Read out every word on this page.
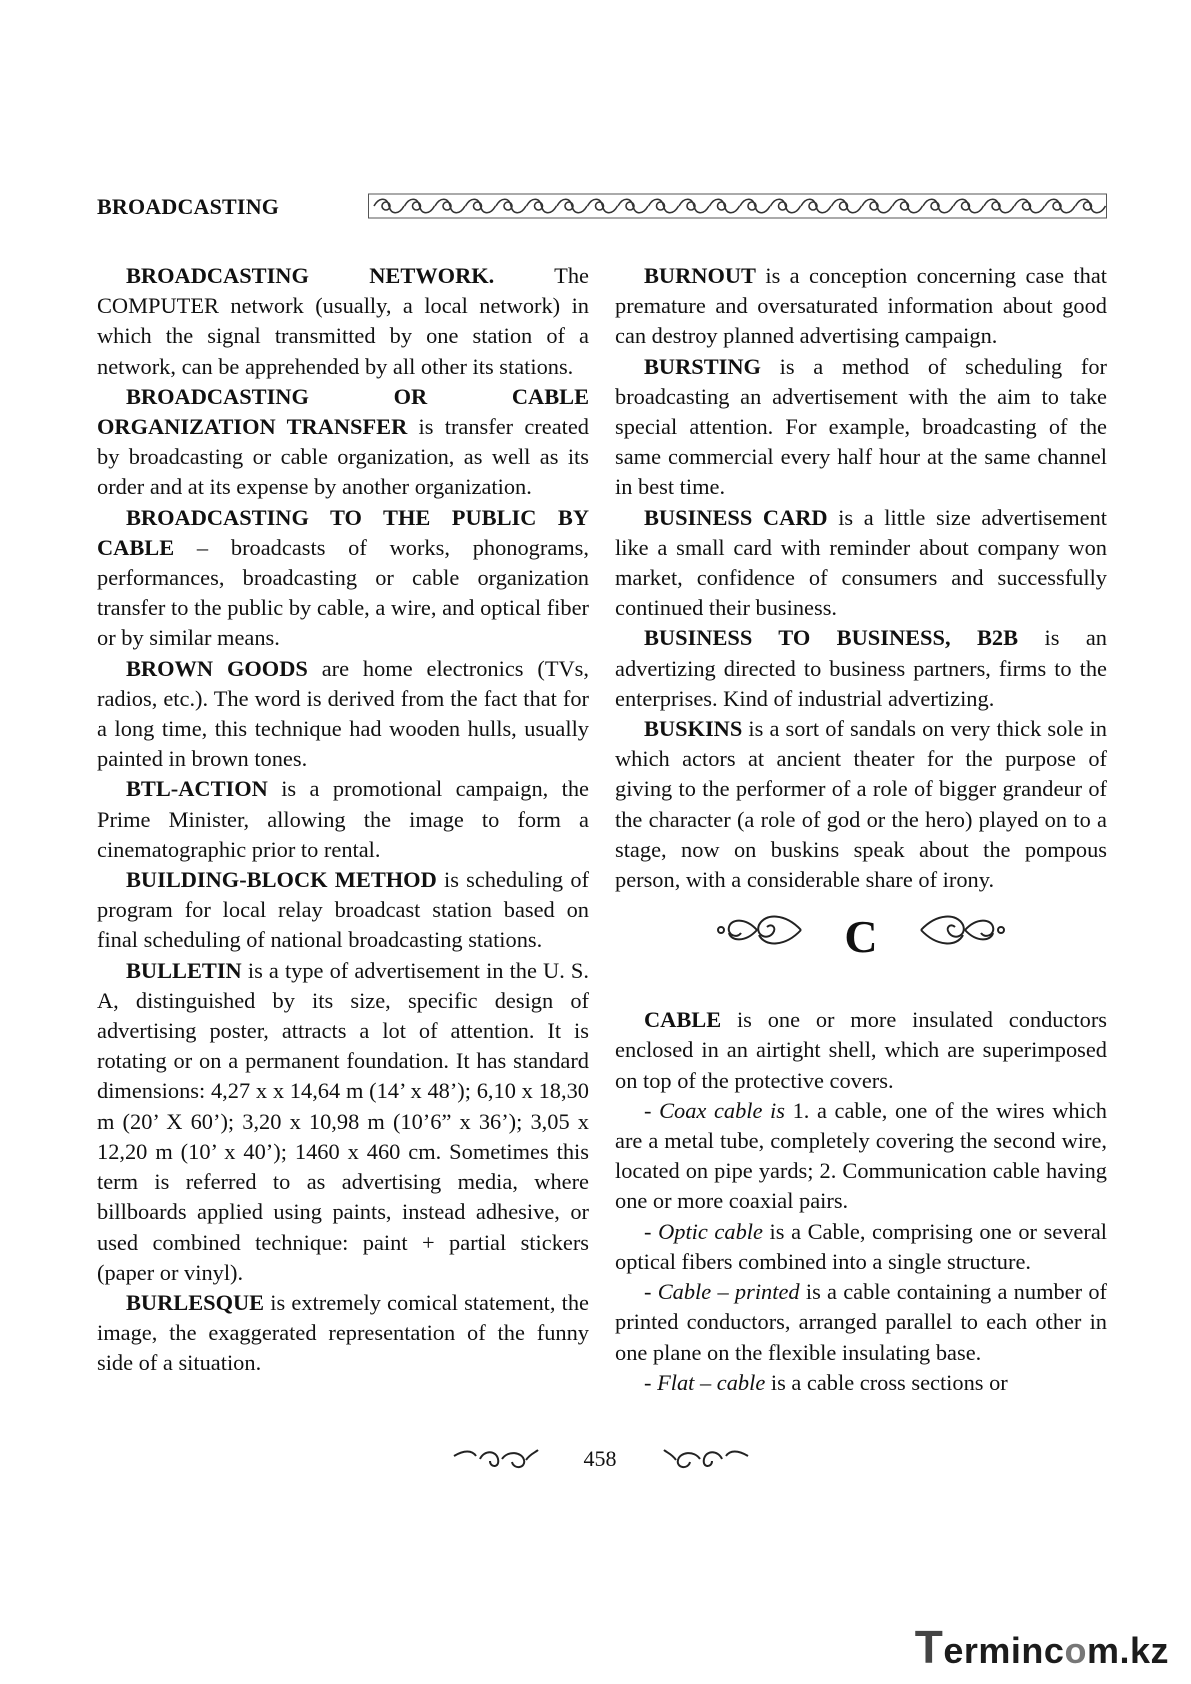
BROADCASTING

BROADCASTING NETWORK. The COMPUTER network (usually, a local network) in which the signal transmitted by one station of a network, can be apprehended by all other its stations.

BROADCASTING OR CABLE ORGANIZATION TRANSFER is transfer created by broadcasting or cable organization, as well as its order and at its expense by another organization.

BROADCASTING TO THE PUBLIC BY CABLE – broadcasts of works, phonograms, performances, broadcasting or cable organization transfer to the public by cable, a wire, and optical fiber or by similar means.

BROWN GOODS are home electronics (TVs, radios, etc.). The word is derived from the fact that for a long time, this technique had wooden hulls, usually painted in brown tones.

BTL-ACTION is a promotional campaign, the Prime Minister, allowing the image to form a cinematographic prior to rental.

BUILDING-BLOCK METHOD is scheduling of program for local relay broadcast station based on final scheduling of national broadcasting stations.

BULLETIN is a type of advertisement in the U. S. A, distinguished by its size, specific design of advertising poster, attracts a lot of attention. It is rotating or on a permanent foundation. It has standard dimensions: 4,27 x x 14,64 m (14’ x 48’); 6,10 x 18,30 m (20’ X 60’); 3,20 x 10,98 m (10’6” x 36’); 3,05 x 12,20 m (10’ x 40’); 1460 x 460 cm. Sometimes this term is referred to as advertising media, where billboards applied using paints, instead adhesive, or used combined technique: paint + partial stickers (paper or vinyl).

BURLESQUE is extremely comical statement, the image, the exaggerated representation of the funny side of a situation.

BURNOUT is a conception concerning case that premature and oversaturated information about good can destroy planned advertising campaign.

BURSTING is a method of scheduling for broadcasting an advertisement with the aim to take special attention. For example, broadcasting of the same commercial every half hour at the same channel in best time.

BUSINESS CARD is a little size advertisement like a small card with reminder about company won market, confidence of consumers and successfully continued their business.

BUSINESS TO BUSINESS, B2B is an advertizing directed to business partners, firms to the enterprises. Kind of industrial advertizing.

BUSKINS is a sort of sandals on very thick sole in which actors at ancient theater for the purpose of giving to the performer of a role of bigger grandeur of the character (a role of god or the hero) played on to a stage, now on buskins speak about the pompous person, with a considerable share of irony.

C

CABLE is one or more insulated conductors enclosed in an airtight shell, which are superimposed on top of the protective covers.

- Coax cable is 1. a cable, one of the wires which are a metal tube, completely covering the second wire, located on pipe yards; 2. Communication cable having one or more coaxial pairs.

- Optic cable is a Cable, comprising one or several optical fibers combined into a single structure.

- Cable – printed is a cable containing a number of printed conductors, arranged parallel to each other in one plane on the flexible insulating base.

- Flat – cable is a cable cross sections or

458
Termincom.kz
